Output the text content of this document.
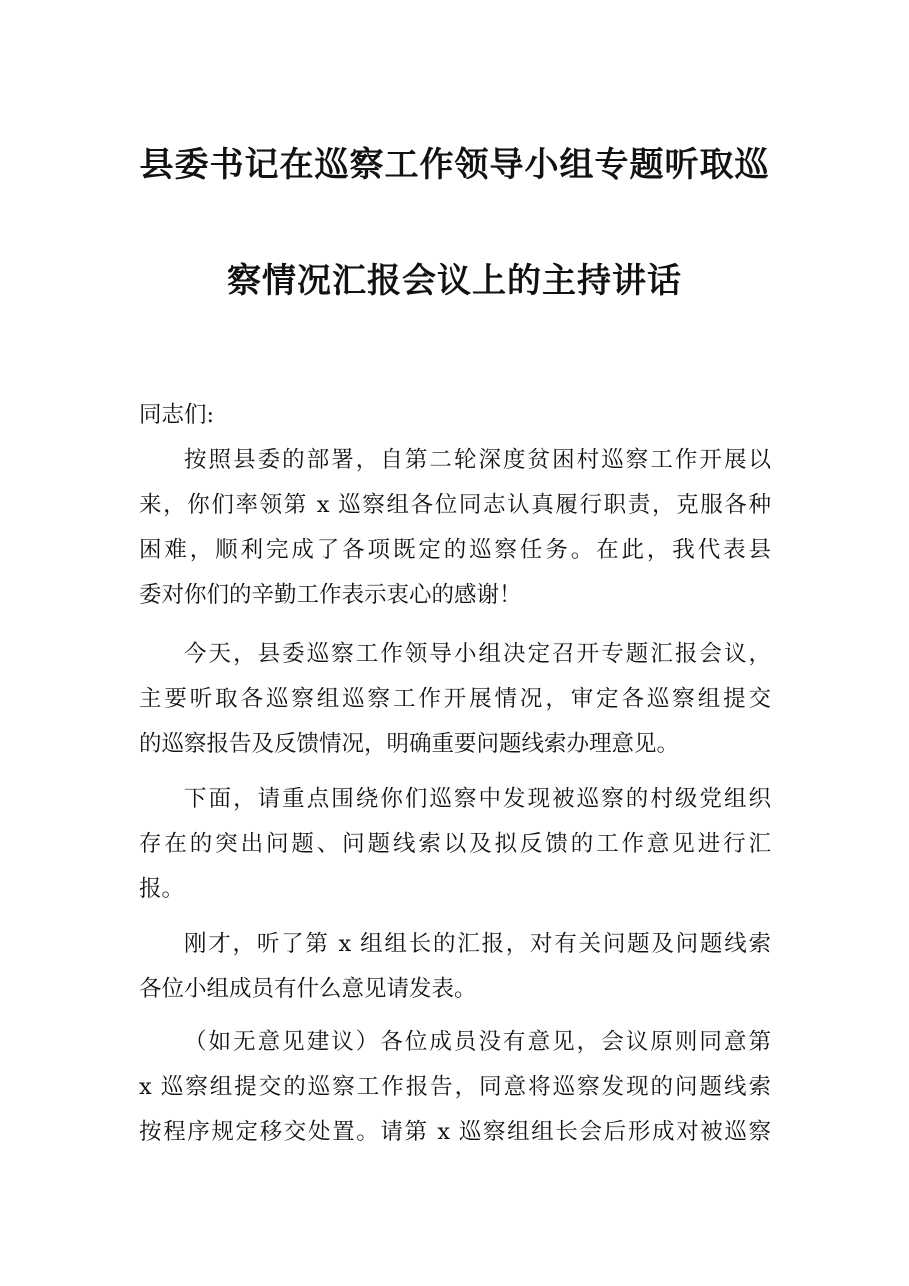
县委书记在巡察工作领导小组专题听取巡
察情况汇报会议上的主持讲话
同志们:
按照县委的部署，自第二轮深度贫困村巡察工作开展以
来，你们率领第 x 巡察组各位同志认真履行职责，克服各种
困难，顺利完成了各项既定的巡察任务。在此，我代表县
委对你们的辛勤工作表示衷心的感谢！
今天，县委巡察工作领导小组决定召开专题汇报会议，
主要听取各巡察组巡察工作开展情况，审定各巡察组提交
的巡察报告及反馈情况，明确重要问题线索办理意见。
下面，请重点围绕你们巡察中发现被巡察的村级党组织
存在的突出问题、问题线索以及拟反馈的工作意见进行汇
报。
刚才，听了第 x 组组长的汇报，对有关问题及问题线索
各位小组成员有什么意见请发表。
（如无意见建议）各位成员没有意见，会议原则同意第
x 巡察组提交的巡察工作报告，同意将巡察发现的问题线索
按程序规定移交处置。请第 x 巡察组组长会后形成对被巡察
